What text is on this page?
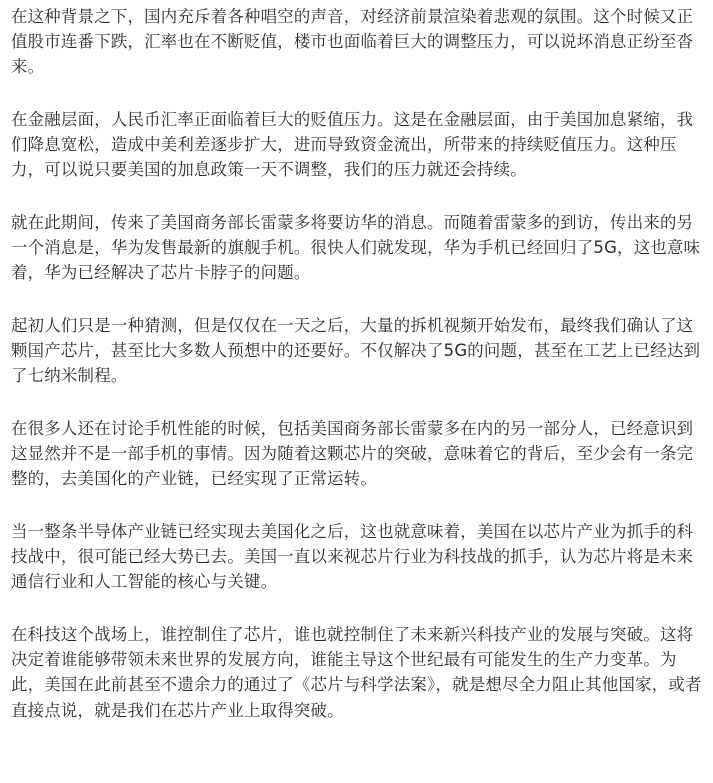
在这种背景之下，国内充斥着各种唱空的声音，对经济前景渲染着悲观的氛围。这个时候又正值股市连番下跌，汇率也在不断贬值，楼市也面临着巨大的调整压力，可以说坏消息正纷至沓来。

在金融层面，人民币汇率正面临着巨大的贬值压力。这是在金融层面，由于美国加息紧缩，我们降息宽松，造成中美利差逐步扩大，进而导致资金流出，所带来的持续贬值压力。这种压力，可以说只要美国的加息政策一天不调整，我们的压力就还会持续。

就在此期间，传来了美国商务部长雷蒙多将要访华的消息。而随着雷蒙多的到访，传出来的另一个消息是，华为发售最新的旗舰手机。很快人们就发现，华为手机已经回归了5G，这也意味着，华为已经解决了芯片卡脖子的问题。

起初人们只是一种猜测，但是仅仅在一天之后，大量的拆机视频开始发布，最终我们确认了这颗国产芯片，甚至比大多数人预想中的还要好。不仅解决了5G的问题，甚至在工艺上已经达到了七纳米制程。

在很多人还在讨论手机性能的时候，包括美国商务部长雷蒙多在内的另一部分人，已经意识到这显然并不是一部手机的事情。因为随着这颗芯片的突破，意味着它的背后，至少会有一条完整的，去美国化的产业链，已经实现了正常运转。

当一整条半导体产业链已经实现去美国化之后，这也就意味着，美国在以芯片产业为抓手的科技战中，很可能已经大势已去。美国一直以来视芯片行业为科技战的抓手，认为芯片将是未来通信行业和人工智能的核心与关键。

在科技这个战场上，谁控制住了芯片，谁也就控制住了未来新兴科技产业的发展与突破。这将决定着谁能够带领未来世界的发展方向，谁能主导这个世纪最有可能发生的生产力变革。为此，美国在此前甚至不遗余力的通过了《芯片与科学法案》，就是想尽全力阻止其他国家，或者直接点说，就是我们在芯片产业上取得突破。
